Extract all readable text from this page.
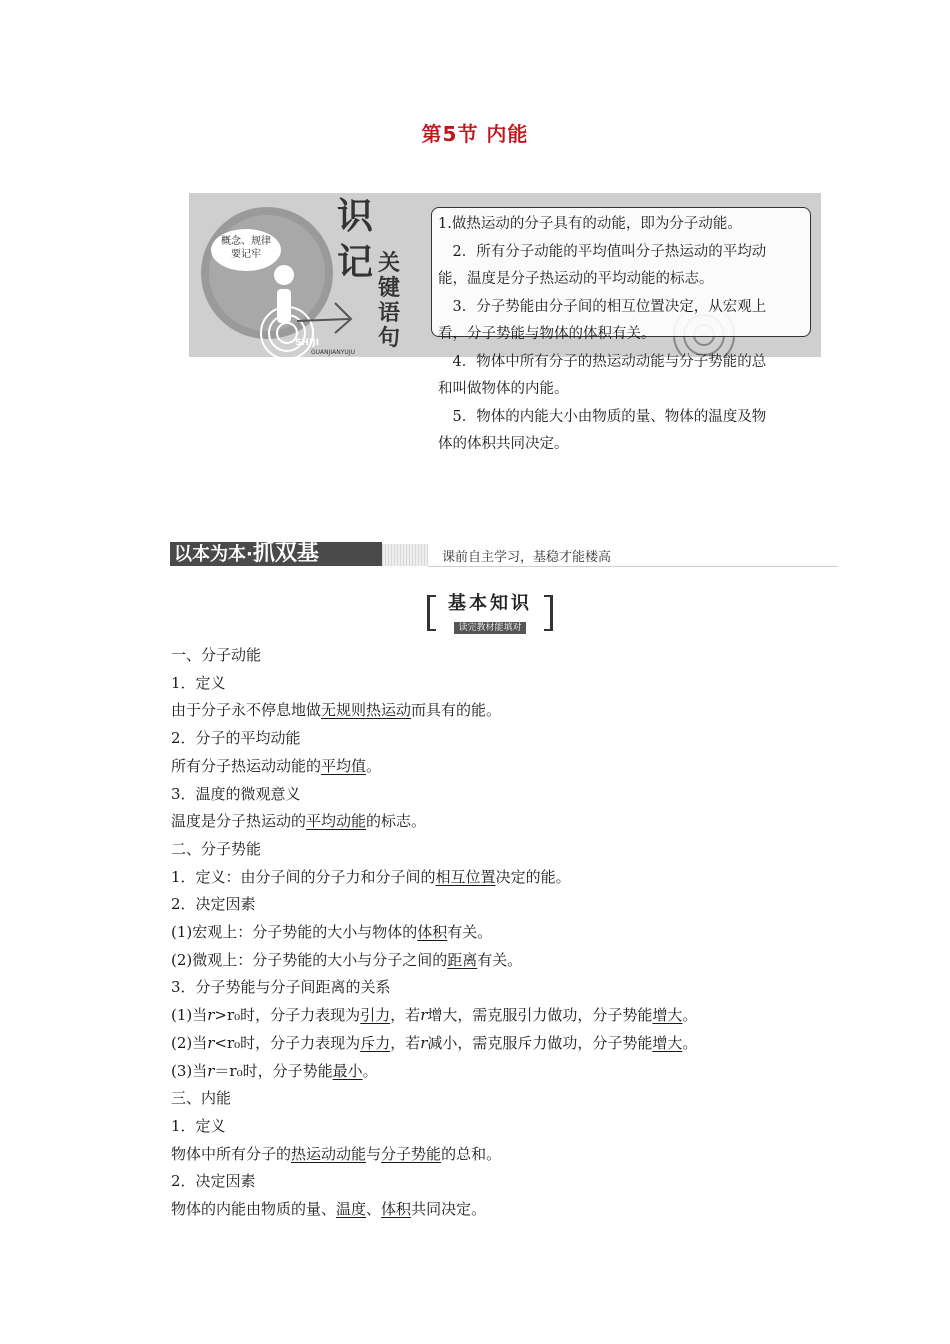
第5节 内能
概念、规律
要记牢
识
记 关
键
语
句
SHIJI
GUANJIANYUJU

1.做热运动的分子具有的动能，即为分子动能。

2．所有分子动能的平均值叫分子热运动的平均动

能，温度是分子热运动的平均动能的标志。

3．分子势能由分子间的相互位置决定，从宏观上

看，分子势能与物体的体积有关。

4．物体中所有分子的热运动动能与分子势能的总

和叫做物体的内能。

5．物体的内能大小由物质的量、物体的温度及物

体的体积共同决定。

以本为本·抓双基	课前自主学习，基稳才能楼高
基本知识
读完教材能填对

一、分子动能

1．定义

由于分子永不停息地做无规则热运动而具有的能。

2．分子的平均动能

所有分子热运动动能的平均值。

3．温度的微观意义

温度是分子热运动的平均动能的标志。

二、分子势能

1．定义：由分子间的分子力和分子间的相互位置决定的能。

2．决定因素

(1)宏观上：分子势能的大小与物体的体积有关。

(2)微观上：分子势能的大小与分子之间的距离有关。

3．分子势能与分子间距离的关系

(1)当r>r₀时，分子力表现为引力，若r增大，需克服引力做功，分子势能增大。

(2)当r<r₀时，分子力表现为斥力，若r减小，需克服斥力做功，分子势能增大。

(3)当r＝r₀时，分子势能最小。

三、内能

1．定义

物体中所有分子的热运动动能与分子势能的总和。

2．决定因素

物体的内能由物质的量、温度、体积共同决定。
